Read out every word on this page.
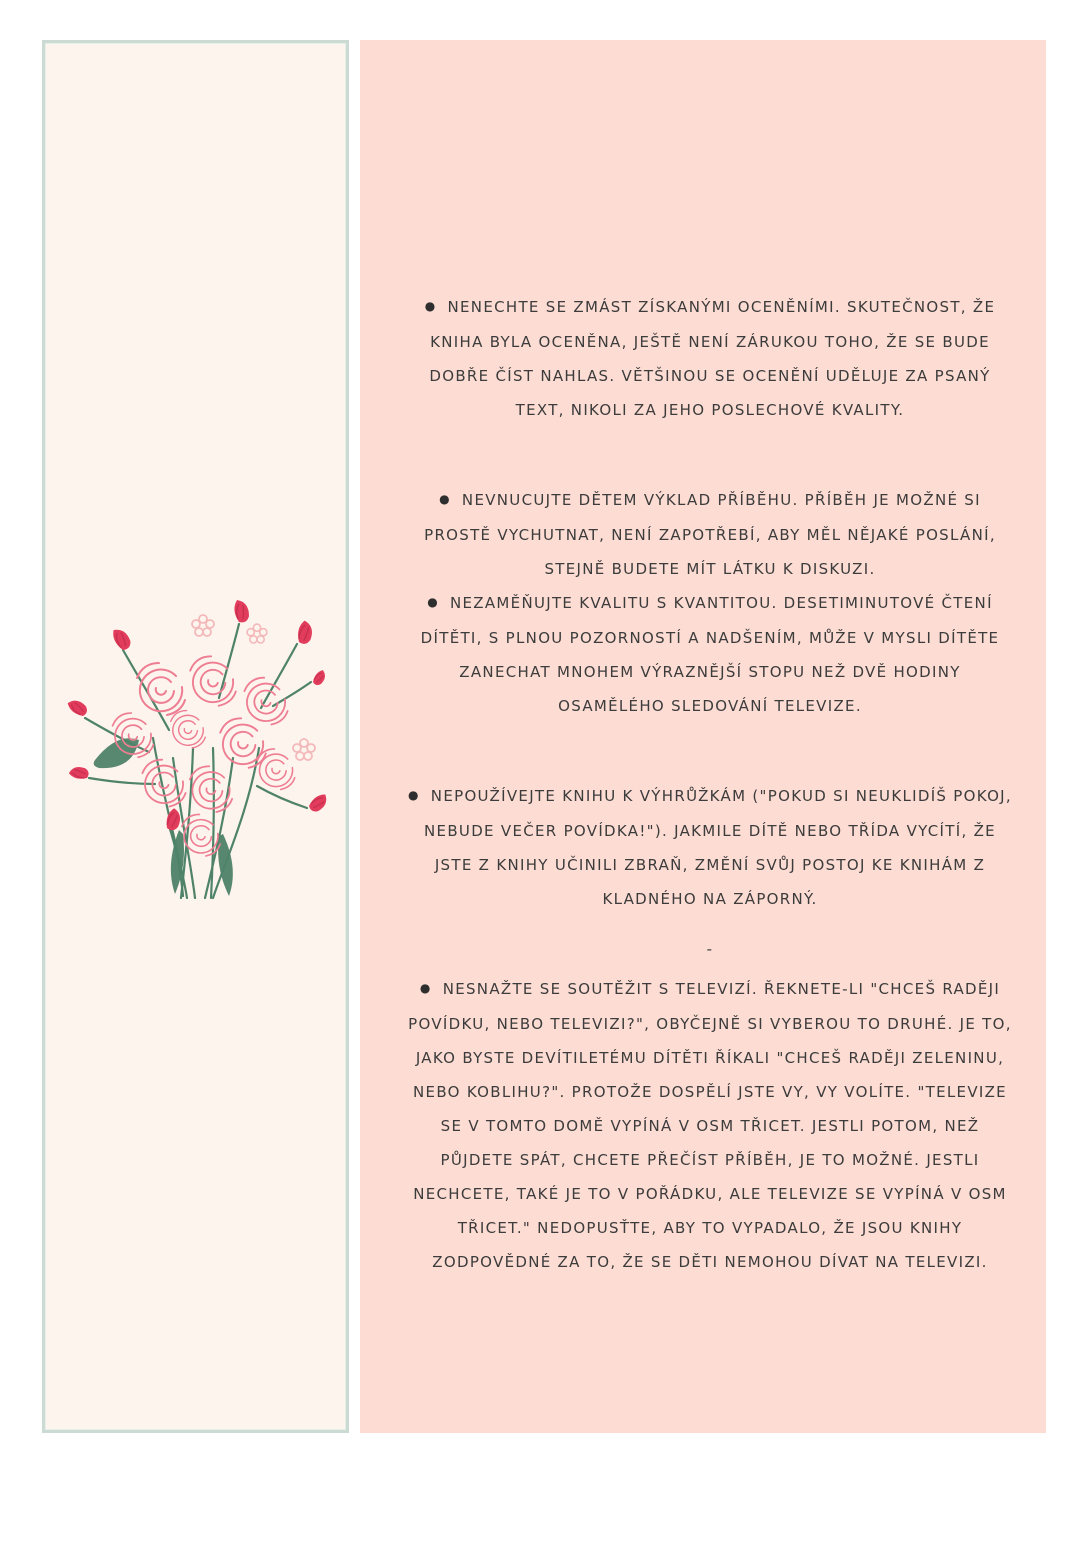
● NENECHTE SE ZMÁST ZÍSKANÝMI OCENĚNÍMI. SKUTEČNOST, ŽE KNIHA BYLA OCENĚNA, JEŠTĚ NENÍ ZÁRUKOU TOHO, ŽE SE BUDE DOBŘE ČÍST NAHLAS. VĚTŠINOU SE OCENĚNÍ UDĚLUJE ZA PSANÝ TEXT, NIKOLI ZA JEHO POSLECHOVÉ KVALITY.

● NEVNUCUJTE DĚTEM VÝKLAD PŘÍBĚHU. PŘÍBĚH JE MOŽNÉ SI PROSTĚ VYCHUTNAT, NENÍ ZAPOTŘEBÍ, ABY MĚL NĚJAKÉ POSLÁNÍ, STEJNĚ BUDETE MÍT LÁTKU K DISKUZI.

● NEZAMĚŇUJTE KVALITU S KVANTITOU. DESETIMINUTOVÉ ČTENÍ DÍTĚTI, S PLNOU POZORNOSTÍ A NADŠENÍM, MŮŽE V MYSLI DÍTĚTE ZANECHAT MNOHEM VÝRAZNĚJŠÍ STOPU NEŽ DVĚ HODINY OSAMĚLÉHO SLEDOVÁNÍ TELEVIZE.

● NEPOUŽÍVEJTE KNIHU K VÝHRŮŽKÁM ("POKUD SI NEUKLIDÍŠ POKOJ, NEBUDE VEČER POVÍDKA!"). JAKMILE DÍTĚ NEBO TŘÍDA VYCÍTÍ, ŽE JSTE Z KNIHY UČINILI ZBRAŇ, ZMĚNÍ SVŮJ POSTOJ KE KNIHÁM Z KLADNÉHO NA ZÁPORNÝ.

-

● NESNAŽTE SE SOUTĚŽIT S TELEVIZÍ. ŘEKNETE-LI "CHCEŠ RADĚJI POVÍDKU, NEBO TELEVIZI?", OBYČEJNĚ SI VYBEROU TO DRUHÉ. JE TO, JAKO BYSTE DEVÍTILETÉMU DÍTĚTI ŘÍKALI "CHCEŠ RADĚJI ZELENINU, NEBO KOBLIHU?". PROTOŽE DOSPĚLÍ JSTE VY, VY VOLÍTE. "TELEVIZE SE V TOMTO DOMĚ VYPÍNÁ V OSM TŘICET. JESTLI POTOM, NEŽ PŮJDETE SPÁT, CHCETE PŘEČÍST PŘÍBĚH, JE TO MOŽNÉ. JESTLI NECHCETE, TAKÉ JE TO V POŘÁDKU, ALE TELEVIZE SE VYPÍNÁ V OSM TŘICET." NEDOPUSŤTE, ABY TO VYPADALO, ŽE JSOU KNIHY ZODPOVĚDNÉ ZA TO, ŽE SE DĚTI NEMOHOU DÍVAT NA TELEVIZI.
